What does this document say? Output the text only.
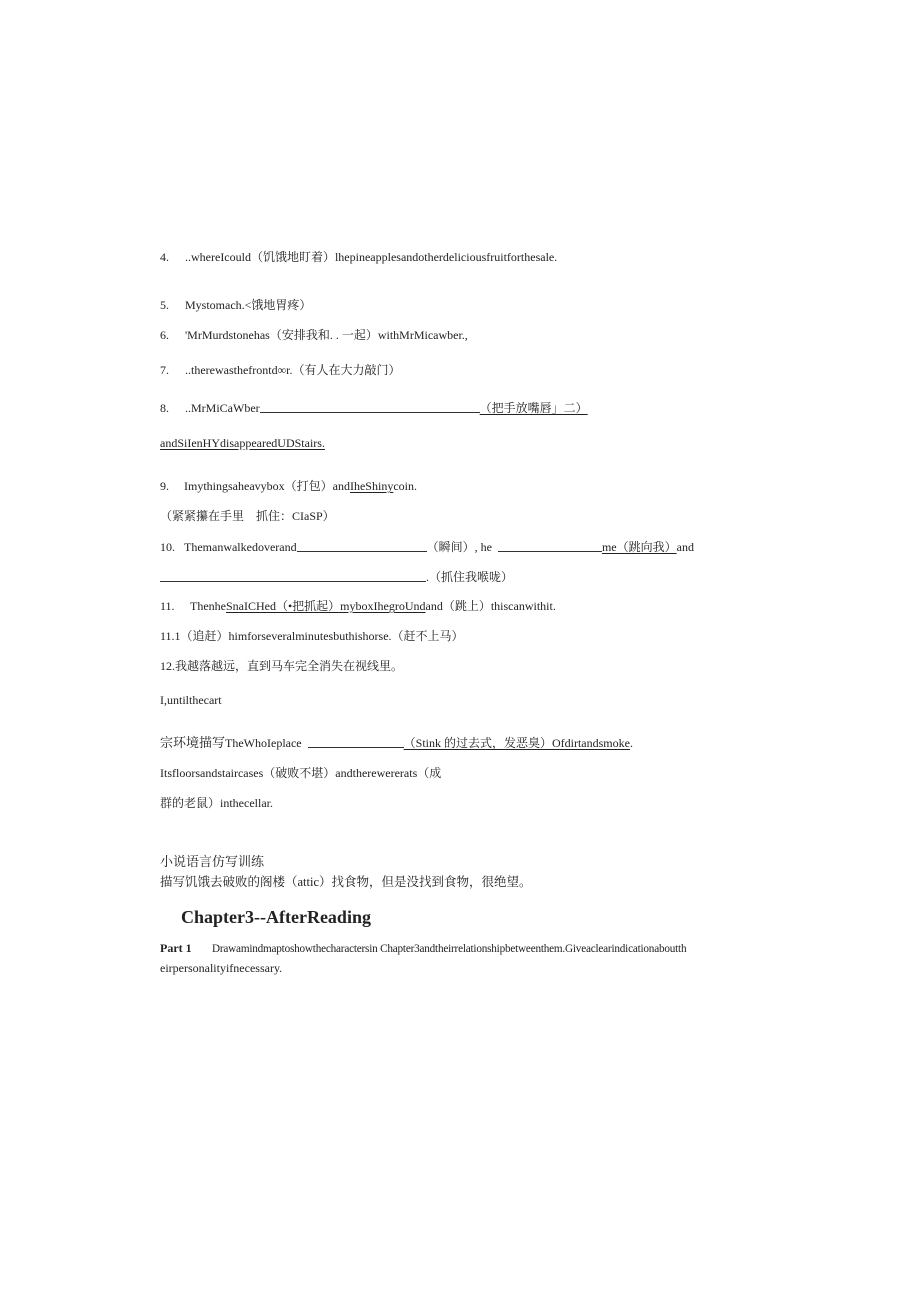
4. ..whereIcould（饥饿地盯着）lhepineapplesandotherdeliciousfruitforthesale.
5. Mystomach.<饿地胃疼）
6. 'MrMurdstonehas（安排我和. . 一起）withMrMicawber.,
7. ..therewasthefrontd∞r.（有人在大力敲门）
8. ..MrMiCaWber	（把手放嘴唇」二）
andSiIenHYdisappearedUDStairs.
9. Imythingsaheavybox（打包）andIheShinycoin.
（紧紧攥在手里　抓住：CIaSP）
10. Themanwalkedoverand	（瞬间）, he	me（跳向我）and
.（抓住我喉咙）
11. ThenheSnaICHed（•把抓起）myboxIhegroUndand（跳上）thiscanwithit.
11.1（追赶）himforseveralminutesbuthishorse.（赶不上马）
12.我越落越远，直到马车完全消失在视线里。
I,untilthecart
宗环境描写TheWhoIeplace	（Stink 的过去式，发恶臭）Ofdirtandsmoke.
Itsfloorsandstaircases（破败不堪）andtherewererats（成
群的老鼠）inthecellar.
小说语言仿写训练
描写饥饿去破败的阁楼（attic）找食物，但是没找到食物，很绝望。
Chapter3--AfterReading
Part 1 Drawamindmaptoshowthecharactersin Chapter3andtheirrelationshipbetweenthem.Giveaclearindicationaboutth
eirpersonalityifnecessary.
